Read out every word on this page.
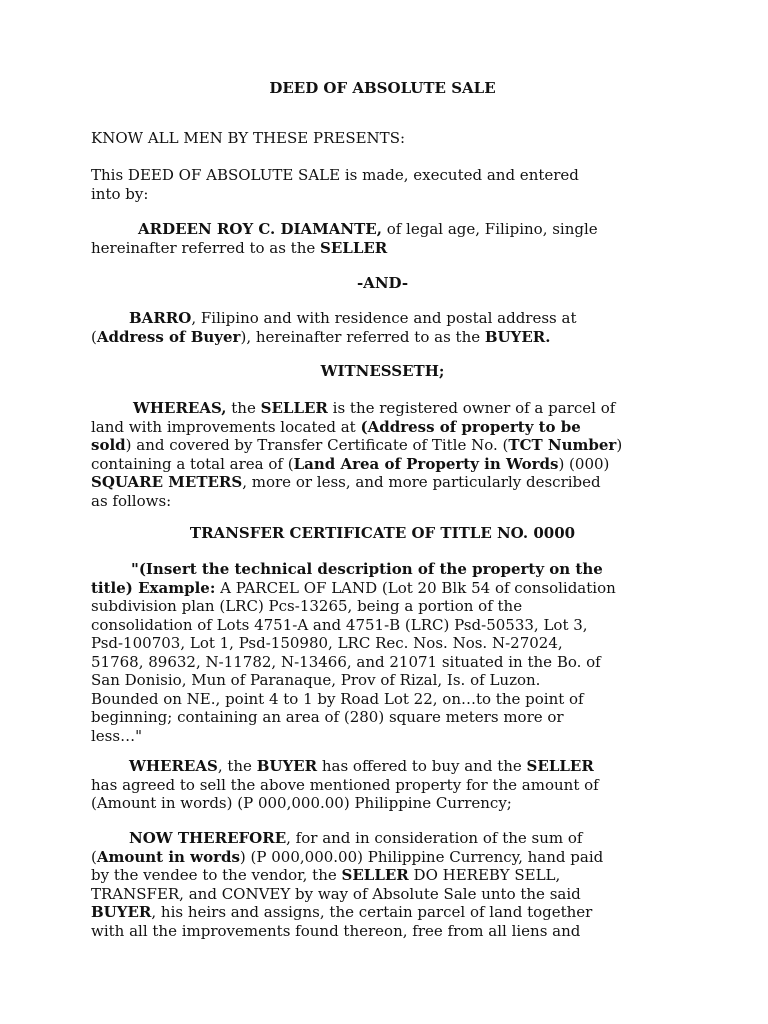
DEED OF ABSOLUTE SALE

KNOW ALL MEN BY THESE PRESENTS:

This DEED OF ABSOLUTE SALE is made, executed and entered
into by:

ARDEEN ROY C. DIAMANTE, of legal age, Filipino, single
hereinafter referred to as the SELLER

-AND-

BARRO, Filipino and with residence and postal address at
(Address of Buyer), hereinafter referred to as the BUYER.

WITNESSETH;

WHEREAS, the SELLER is the registered owner of a parcel of
land with improvements located at (Address of property to be
sold) and covered by Transfer Certificate of Title No. (TCT Number)
containing a total area of (Land Area of Property in Words) (000)
SQUARE METERS, more or less, and more particularly described
as follows:

TRANSFER CERTIFICATE OF TITLE NO. 0000

"(Insert the technical description of the property on the
title) Example: A PARCEL OF LAND (Lot 20 Blk 54 of consolidation
subdivision plan (LRC) Pcs-13265, being a portion of the
consolidation of Lots 4751-A and 4751-B (LRC) Psd-50533, Lot 3,
Psd-100703, Lot 1, Psd-150980, LRC Rec. Nos. Nos. N-27024,
51768, 89632, N-11782, N-13466, and 21071 situated in the Bo. of
San Donisio, Mun of Paranaque, Prov of Rizal, Is. of Luzon.
Bounded on NE., point 4 to 1 by Road Lot 22, on…to the point of
beginning; containing an area of (280) square meters more or
less…"

WHEREAS, the BUYER has offered to buy and the SELLER
has agreed to sell the above mentioned property for the amount of
(Amount in words) (P 000,000.00) Philippine Currency;

NOW THEREFORE, for and in consideration of the sum of
(Amount in words) (P 000,000.00) Philippine Currency, hand paid
by the vendee to the vendor, the SELLER DO HEREBY SELL,
TRANSFER, and CONVEY by way of Absolute Sale unto the said
BUYER, his heirs and assigns, the certain parcel of land together
with all the improvements found thereon, free from all liens and
